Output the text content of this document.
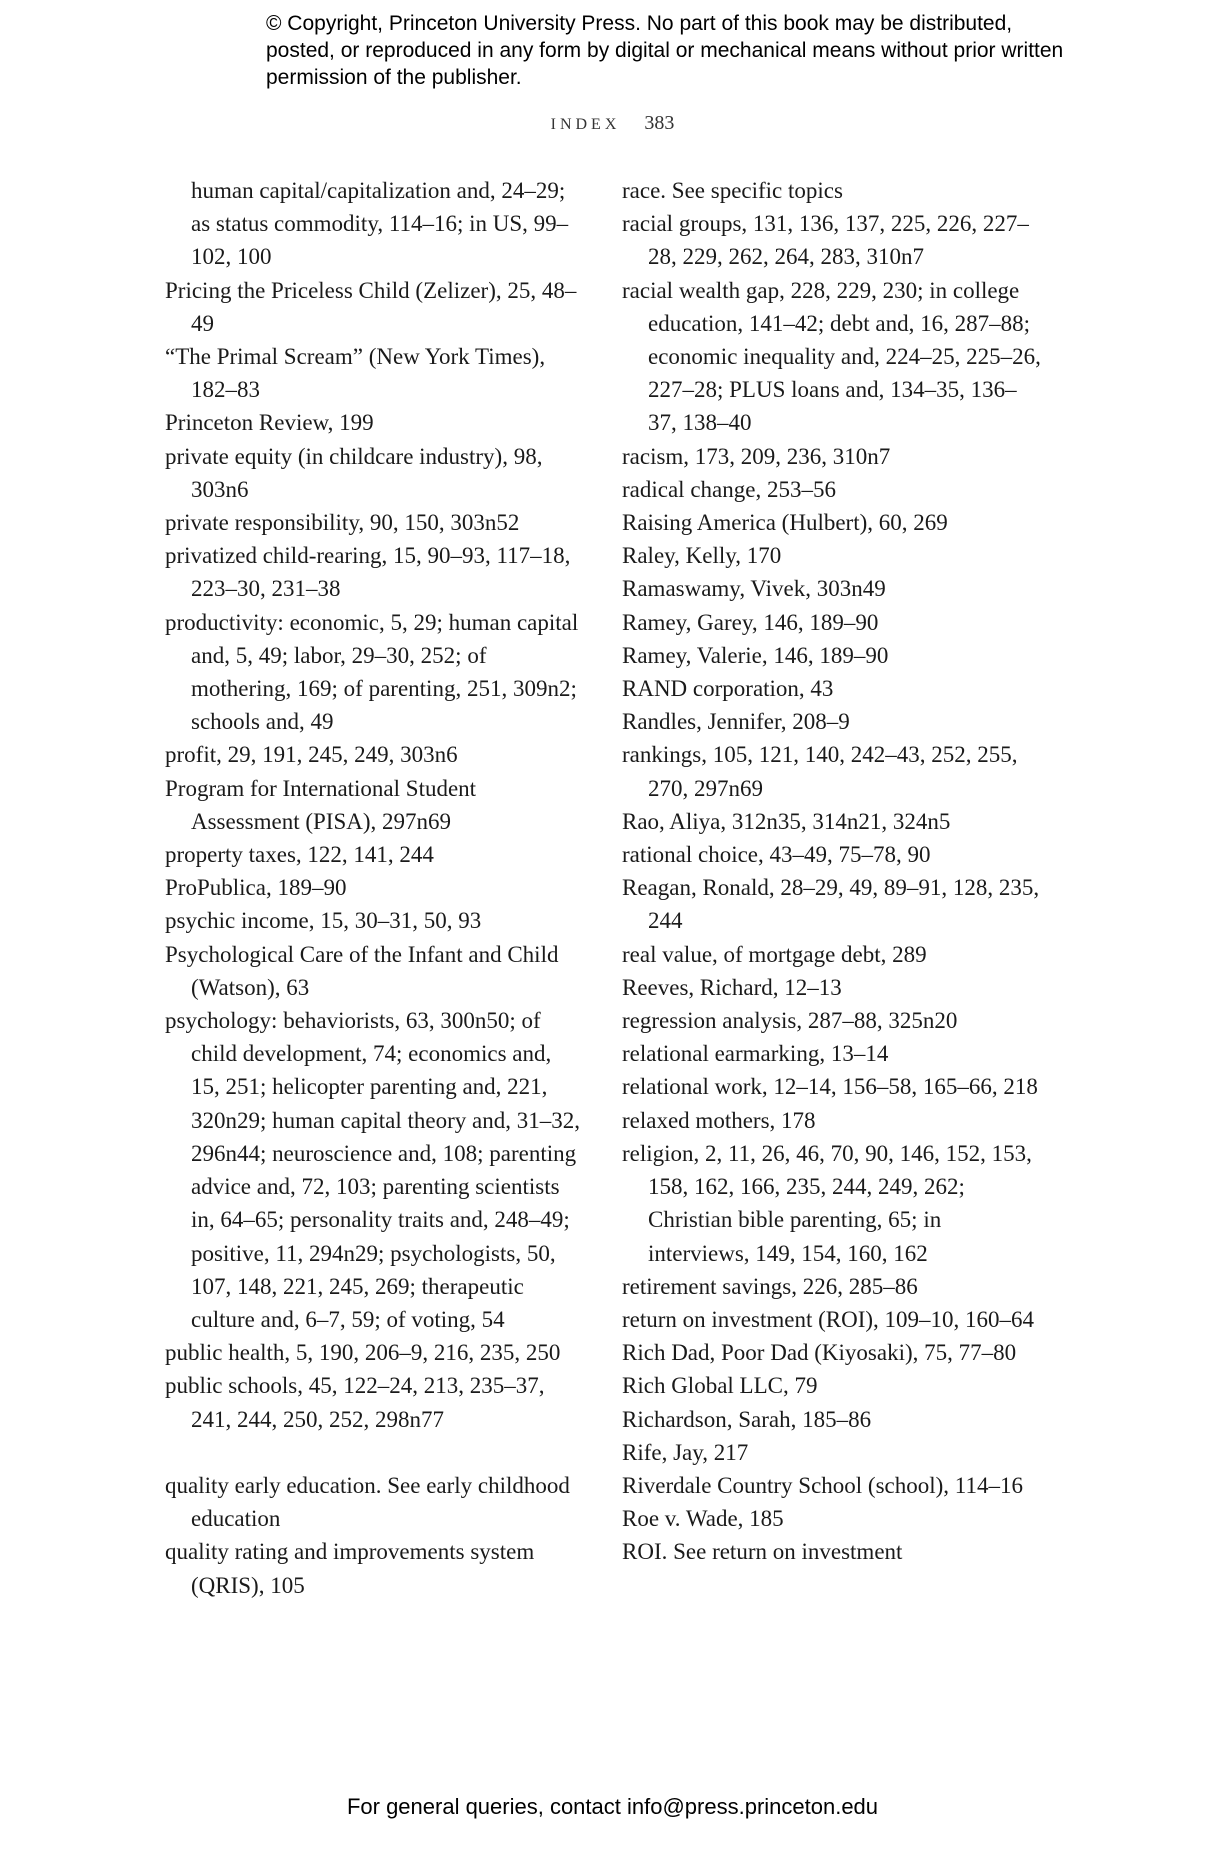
© Copyright, Princeton University Press. No part of this book may be distributed, posted, or reproduced in any form by digital or mechanical means without prior written permission of the publisher.
INDEX 383
human capital/capitalization and, 24–29; as status commodity, 114–16; in US, 99–102, 100
Pricing the Priceless Child (Zelizer), 25, 48–49
“The Primal Scream” (New York Times), 182–83
Princeton Review, 199
private equity (in childcare industry), 98, 303n6
private responsibility, 90, 150, 303n52
privatized child-rearing, 15, 90–93, 117–18, 223–30, 231–38
productivity: economic, 5, 29; human capital and, 5, 49; labor, 29–30, 252; of mothering, 169; of parenting, 251, 309n2; schools and, 49
profit, 29, 191, 245, 249, 303n6
Program for International Student Assessment (PISA), 297n69
property taxes, 122, 141, 244
ProPublica, 189–90
psychic income, 15, 30–31, 50, 93
Psychological Care of the Infant and Child (Watson), 63
psychology: behaviorists, 63, 300n50; of child development, 74; economics and, 15, 251; helicopter parenting and, 221, 320n29; human capital theory and, 31–32, 296n44; neuroscience and, 108; parenting advice and, 72, 103; parenting scientists in, 64–65; personality traits and, 248–49; positive, 11, 294n29; psychologists, 50, 107, 148, 221, 245, 269; therapeutic culture and, 6–7, 59; of voting, 54
public health, 5, 190, 206–9, 216, 235, 250
public schools, 45, 122–24, 213, 235–37, 241, 244, 250, 252, 298n77
quality early education. See early childhood education
quality rating and improvements system (QRIS), 105
race. See specific topics
racial groups, 131, 136, 137, 225, 226, 227–28, 229, 262, 264, 283, 310n7
racial wealth gap, 228, 229, 230; in college education, 141–42; debt and, 16, 287–88; economic inequality and, 224–25, 225–26, 227–28; PLUS loans and, 134–35, 136–37, 138–40
racism, 173, 209, 236, 310n7
radical change, 253–56
Raising America (Hulbert), 60, 269
Raley, Kelly, 170
Ramaswamy, Vivek, 303n49
Ramey, Garey, 146, 189–90
Ramey, Valerie, 146, 189–90
RAND corporation, 43
Randles, Jennifer, 208–9
rankings, 105, 121, 140, 242–43, 252, 255, 270, 297n69
Rao, Aliya, 312n35, 314n21, 324n5
rational choice, 43–49, 75–78, 90
Reagan, Ronald, 28–29, 49, 89–91, 128, 235, 244
real value, of mortgage debt, 289
Reeves, Richard, 12–13
regression analysis, 287–88, 325n20
relational earmarking, 13–14
relational work, 12–14, 156–58, 165–66, 218
relaxed mothers, 178
religion, 2, 11, 26, 46, 70, 90, 146, 152, 153, 158, 162, 166, 235, 244, 249, 262; Christian bible parenting, 65; in interviews, 149, 154, 160, 162
retirement savings, 226, 285–86
return on investment (ROI), 109–10, 160–64
Rich Dad, Poor Dad (Kiyosaki), 75, 77–80
Rich Global LLC, 79
Richardson, Sarah, 185–86
Rife, Jay, 217
Riverdale Country School (school), 114–16
Roe v. Wade, 185
ROI. See return on investment
For general queries, contact info@press.princeton.edu
